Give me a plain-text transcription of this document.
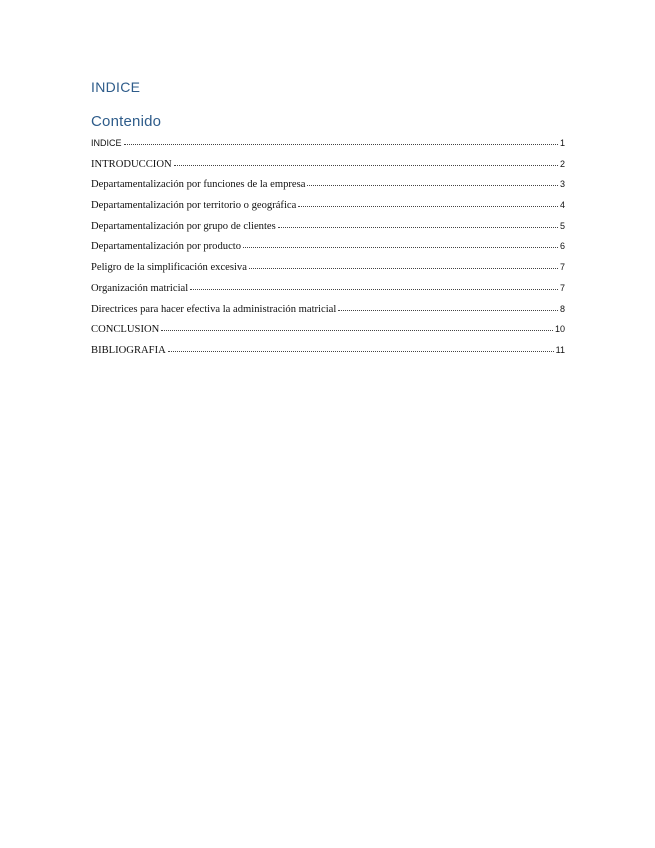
INDICE
Contenido
INDICE	1
INTRODUCCION	2
Departamentalización por funciones de la empresa	3
Departamentalización por territorio o geográfica	4
Departamentalización por grupo de clientes	5
Departamentalización por producto	6
Peligro de la simplificación excesiva	7
Organización matricial	7
Directrices para hacer efectiva la administración matricial	8
CONCLUSION	10
BIBLIOGRAFIA	11
